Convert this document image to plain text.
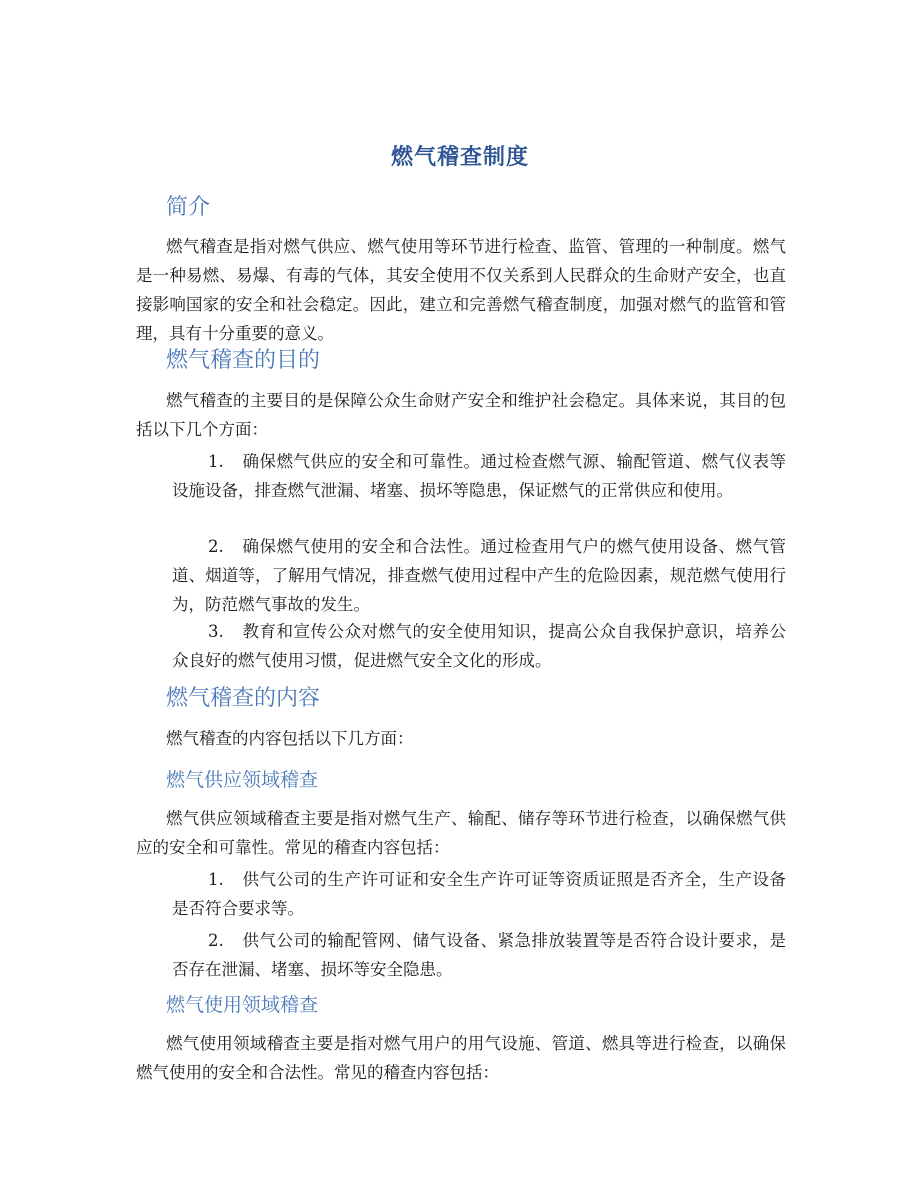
燃气稽查制度
简介

燃气稽查是指对燃气供应、燃气使用等环节进行检查、监管、管理的一种制度。燃气是一种易燃、易爆、有毒的气体，其安全使用不仅关系到人民群众的生命财产安全，也直接影响国家的安全和社会稳定。因此，建立和完善燃气稽查制度，加强对燃气的监管和管理，具有十分重要的意义。

燃气稽查的目的

燃气稽查的主要目的是保障公众生命财产安全和维护社会稳定。具体来说，其目的包括以下几个方面：

1. 确保燃气供应的安全和可靠性。通过检查燃气源、输配管道、燃气仪表等设施设备，排查燃气泄漏、堵塞、损坏等隐患，保证燃气的正常供应和使用。

2. 确保燃气使用的安全和合法性。通过检查用气户的燃气使用设备、燃气管道、烟道等，了解用气情况，排查燃气使用过程中产生的危险因素，规范燃气使用行为，防范燃气事故的发生。

3. 教育和宣传公众对燃气的安全使用知识，提高公众自我保护意识，培养公众良好的燃气使用习惯，促进燃气安全文化的形成。

燃气稽查的内容

燃气稽查的内容包括以下几方面：

燃气供应领域稽查

燃气供应领域稽查主要是指对燃气生产、输配、储存等环节进行检查，以确保燃气供应的安全和可靠性。常见的稽查内容包括：

1. 供气公司的生产许可证和安全生产许可证等资质证照是否齐全，生产设备是否符合要求等。

2. 供气公司的输配管网、储气设备、紧急排放装置等是否符合设计要求，是否存在泄漏、堵塞、损坏等安全隐患。

燃气使用领域稽查

燃气使用领域稽查主要是指对燃气用户的用气设施、管道、燃具等进行检查，以确保燃气使用的安全和合法性。常见的稽查内容包括：
